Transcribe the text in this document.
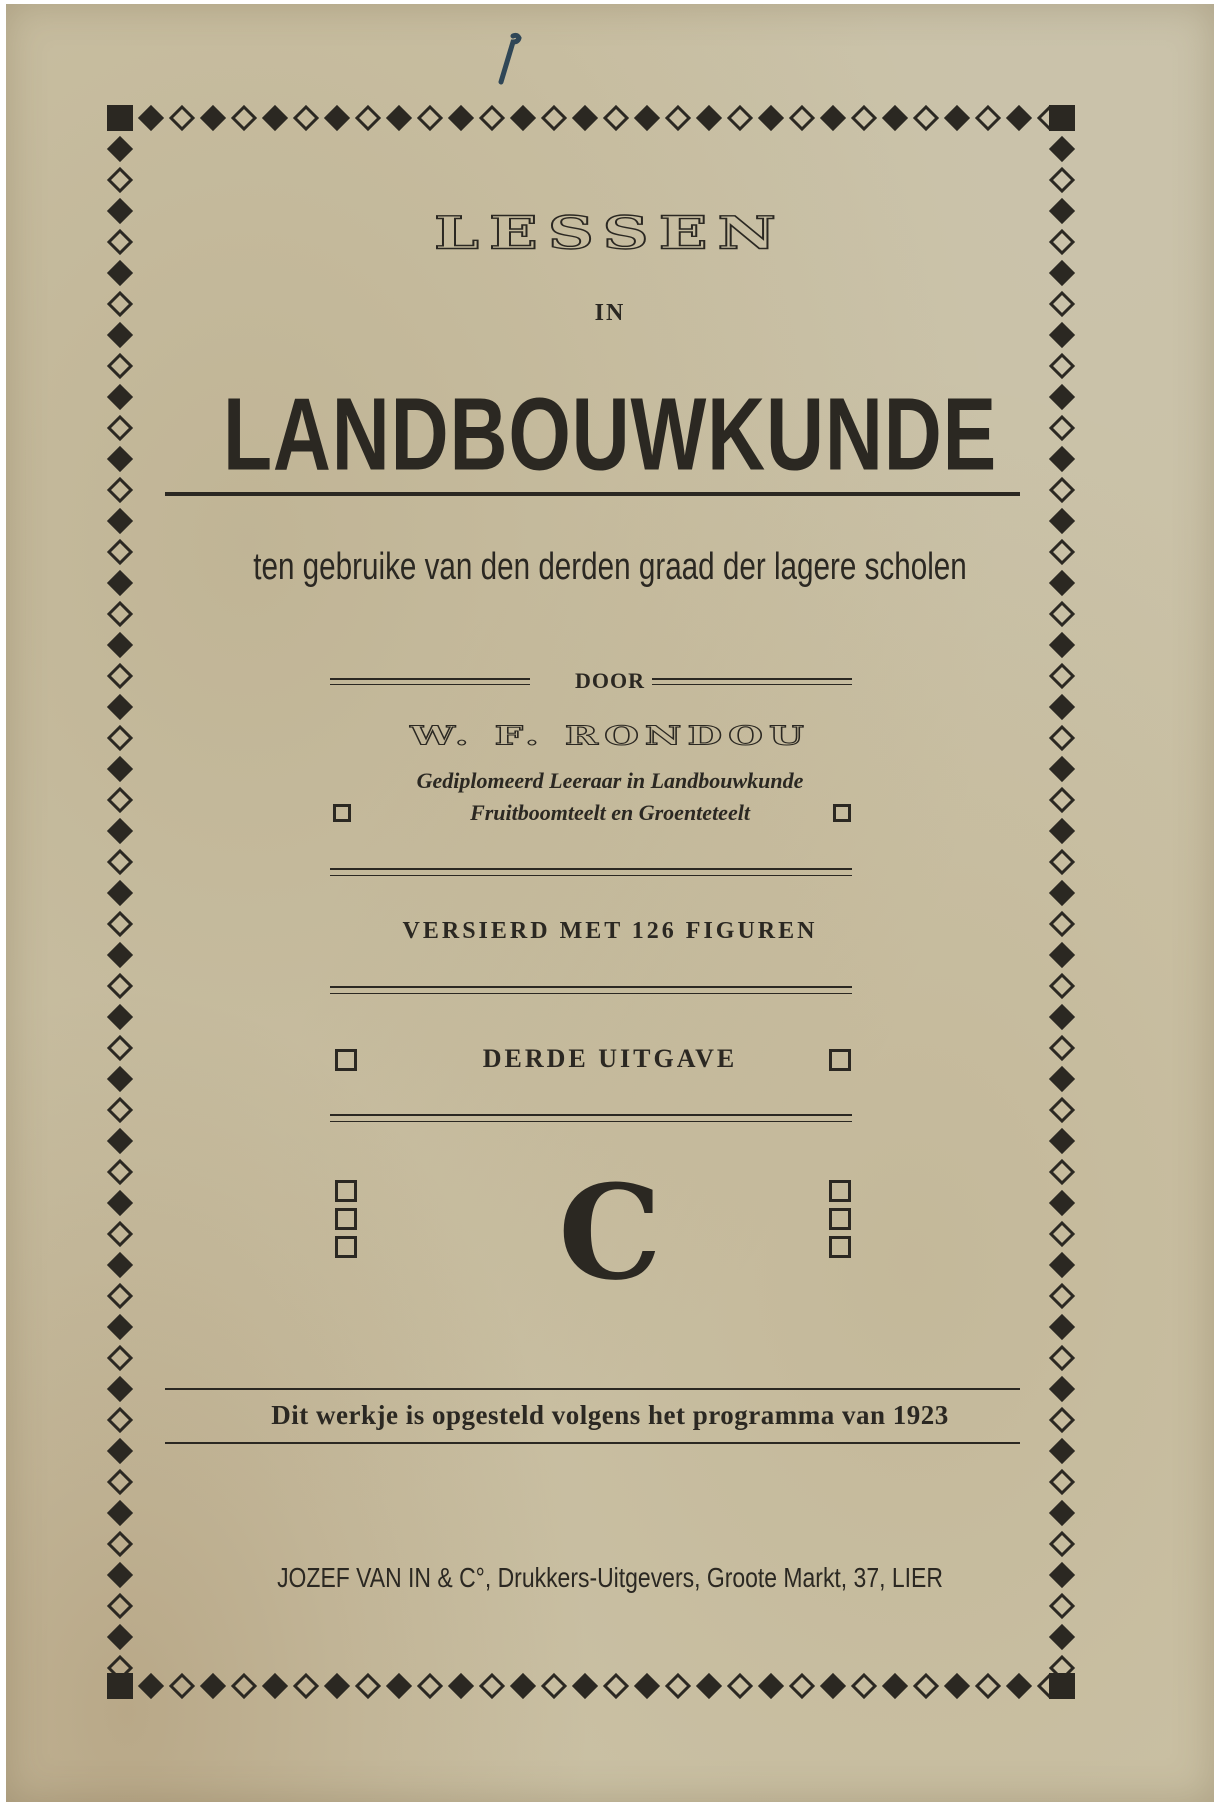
LESSEN
IN
LANDBOUWKUNDE
ten gebruike van den derden graad der lagere scholen
DOOR
W. F. RONDOU
Gediplomeerd Leeraar in Landbouwkunde
Fruitboomteelt en Groenteteelt
VERSIERD MET 126 FIGUREN
DERDE UITGAVE
C
Dit werkje is opgesteld volgens het programma van 1923
JOZEF VAN IN & C°, Drukkers-Uitgevers, Groote Markt, 37, LIER
